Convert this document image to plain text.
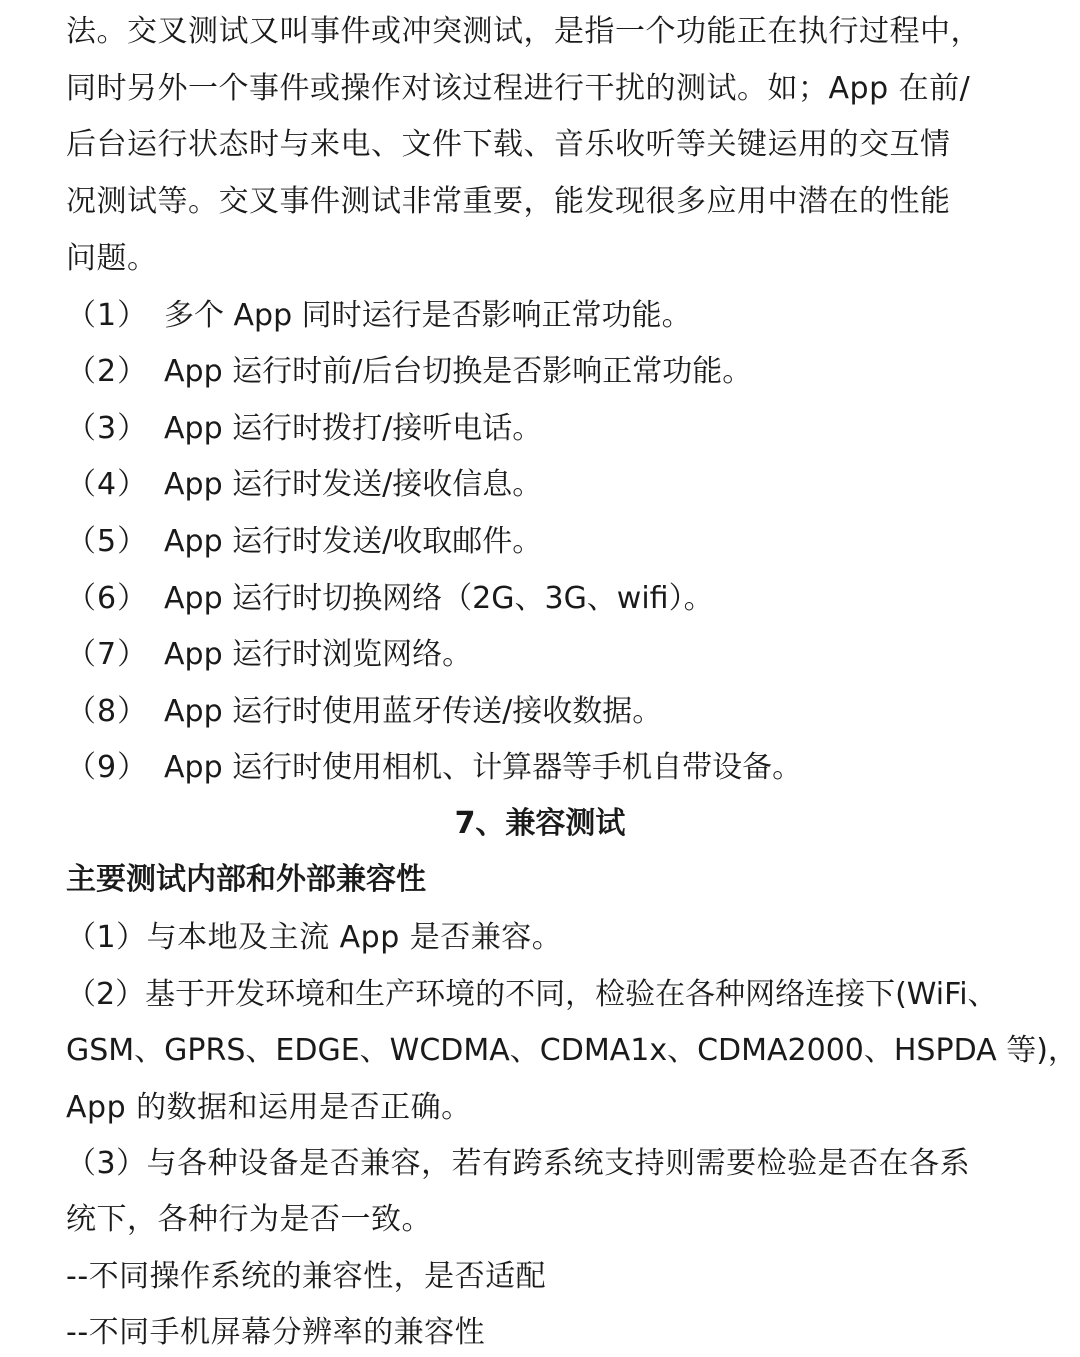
法。交叉测试又叫事件或冲突测试，是指一个功能正在执行过程中，
同时另外一个事件或操作对该过程进行干扰的测试。如；App 在前/
后台运行状态时与来电、文件下载、音乐收听等关键运用的交互情
况测试等。交叉事件测试非常重要，能发现很多应用中潜在的性能
问题。
（1） 多个 App 同时运行是否影响正常功能。
（2） App 运行时前/后台切换是否影响正常功能。
（3） App 运行时拨打/接听电话。
（4） App 运行时发送/接收信息。
（5） App 运行时发送/收取邮件。
（6） App 运行时切换网络（2G、3G、wifi）。
（7） App 运行时浏览网络。
（8） App 运行时使用蓝牙传送/接收数据。
（9） App 运行时使用相机、计算器等手机自带设备。
7、兼容测试
主要测试内部和外部兼容性
（1）与本地及主流 App 是否兼容。
（2）基于开发环境和生产环境的不同，检验在各种网络连接下(WiFi、
GSM、GPRS、EDGE、WCDMA、CDMA1x、CDMA2000、HSPDA 等)，
App 的数据和运用是否正确。
（3）与各种设备是否兼容，若有跨系统支持则需要检验是否在各系
统下，各种行为是否一致。
--不同操作系统的兼容性，是否适配
--不同手机屏幕分辨率的兼容性
